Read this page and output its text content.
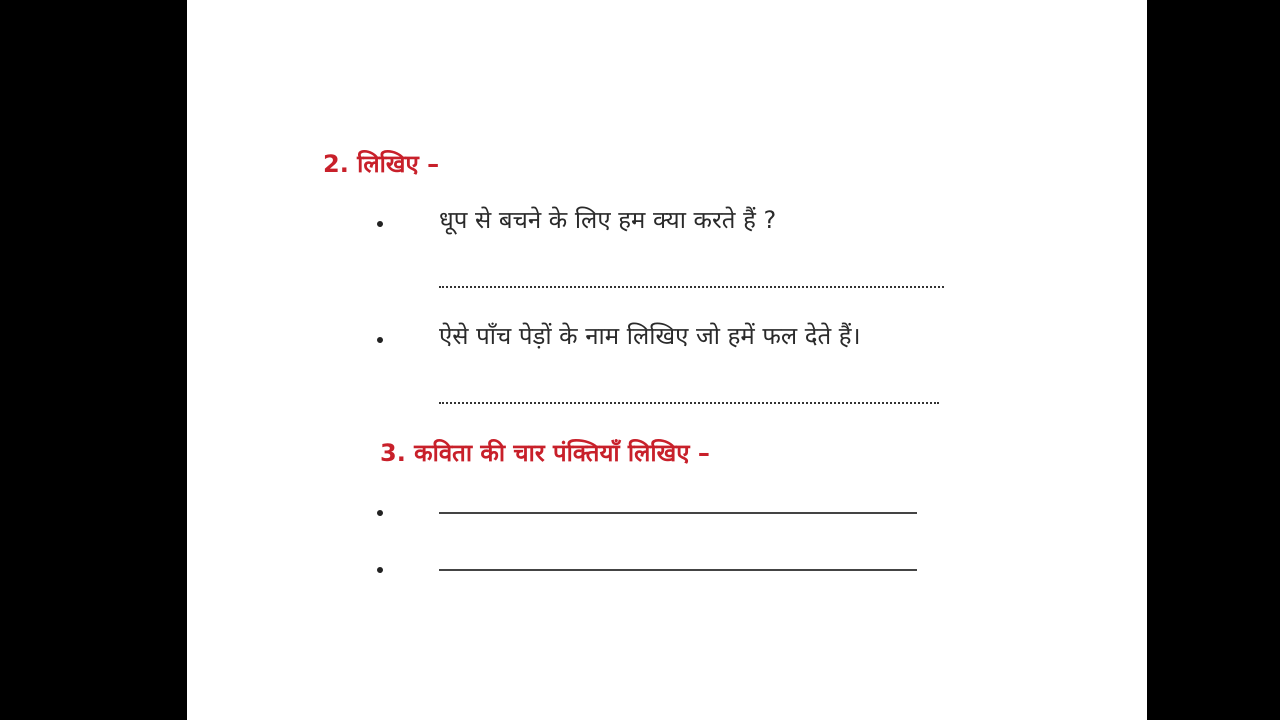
2. लिखिए –
धूप से बचने के लिए हम क्या करते हैं ?
ऐसे पाँच पेड़ों के नाम लिखिए जो हमें फल देते हैं।
3. कविता की चार पंक्तियाँ लिखिए –
